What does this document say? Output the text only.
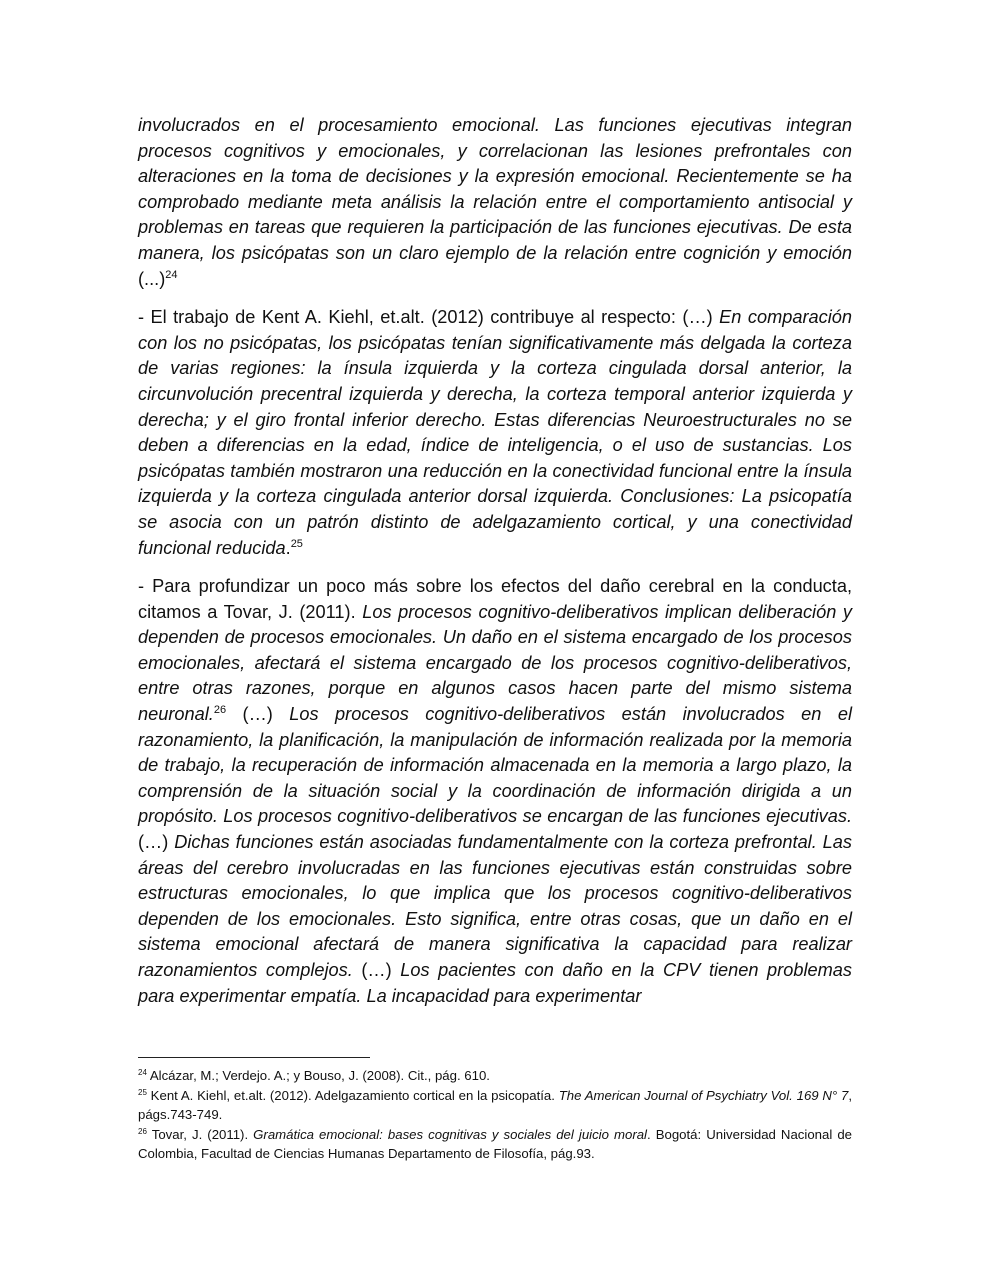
involucrados en el procesamiento emocional. Las funciones ejecutivas integran procesos cognitivos y emocionales, y correlacionan las lesiones prefrontales con alteraciones en la toma de decisiones y la expresión emocional. Recientemente se ha comprobado mediante meta análisis la relación entre el comportamiento antisocial y problemas en tareas que requieren la participación de las funciones ejecutivas. De esta manera, los psicópatas son un claro ejemplo de la relación entre cognición y emoción (...)$^{24}$

- El trabajo de Kent A. Kiehl, et.alt. (2012) contribuye al respecto: (…) En comparación con los no psicópatas, los psicópatas tenían significativamente más delgada la corteza de varias regiones: la ínsula izquierda y la corteza cingulada dorsal anterior, la circunvolución precentral izquierda y derecha, la corteza temporal anterior izquierda y derecha; y el giro frontal inferior derecho. Estas diferencias Neuroestructurales no se deben a diferencias en la edad, índice de inteligencia, o el uso de sustancias. Los psicópatas también mostraron una reducción en la conectividad funcional entre la ínsula izquierda y la corteza cingulada anterior dorsal izquierda. Conclusiones: La psicopatía se asocia con un patrón distinto de adelgazamiento cortical, y una conectividad funcional reducida.$^{25}$

- Para profundizar un poco más sobre los efectos del daño cerebral en la conducta, citamos a Tovar, J. (2011). Los procesos cognitivo-deliberativos implican deliberación y dependen de procesos emocionales. Un daño en el sistema encargado de los procesos emocionales, afectará el sistema encargado de los procesos cognitivo-deliberativos, entre otras razones, porque en algunos casos hacen parte del mismo sistema neuronal.$^{26}$ (…) Los procesos cognitivo-deliberativos están involucrados en el razonamiento, la planificación, la manipulación de información realizada por la memoria de trabajo, la recuperación de información almacenada en la memoria a largo plazo, la comprensión de la situación social y la coordinación de información dirigida a un propósito. Los procesos cognitivo-deliberativos se encargan de las funciones ejecutivas. (…) Dichas funciones están asociadas fundamentalmente con la corteza prefrontal. Las áreas del cerebro involucradas en las funciones ejecutivas están construidas sobre estructuras emocionales, lo que implica que los procesos cognitivo-deliberativos dependen de los emocionales. Esto significa, entre otras cosas, que un daño en el sistema emocional afectará de manera significativa la capacidad para realizar razonamientos complejos. (…) Los pacientes con daño en la CPV tienen problemas para experimentar empatía. La incapacidad para experimentar

$^{24}$ Alcázar, M.; Verdejo. A.; y Bouso, J. (2008). Cit., pág. 610.

$^{25}$ Kent A. Kiehl, et.alt. (2012). Adelgazamiento cortical en la psicopatía. The American Journal of Psychiatry Vol. 169 N° 7, págs.743-749.

$^{26}$ Tovar, J. (2011). Gramática emocional: bases cognitivas y sociales del juicio moral. Bogotá: Universidad Nacional de Colombia, Facultad de Ciencias Humanas Departamento de Filosofía, pág.93.
